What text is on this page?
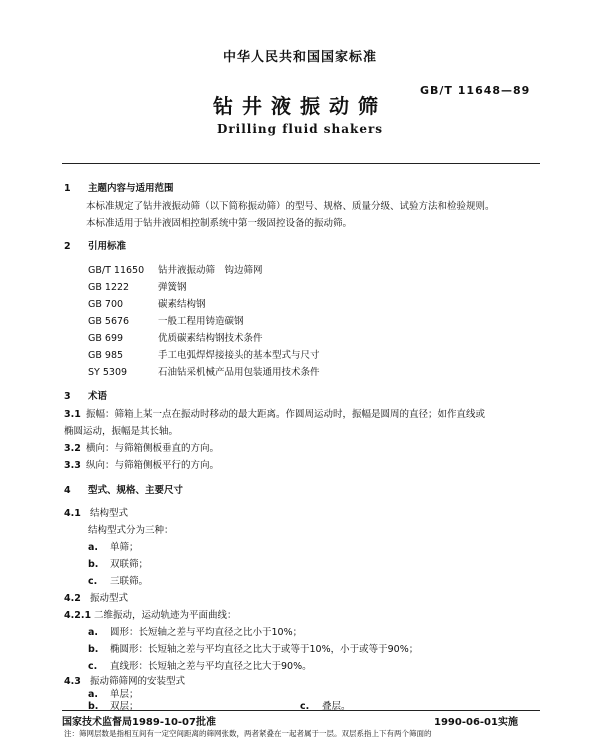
中华人民共和国国家标准
GB/T 11648—89
钻井液振动筛
Drilling fluid shakers
1 主题内容与适用范围
本标准规定了钻井液振动筛（以下简称振动筛）的型号、规格、质量分级、试验方法和检验规则。
本标准适用于钻井液固相控制系统中第一级固控设备的振动筛。
2 引用标准
GB/T 11650 钻井液振动筛　钩边筛网
GB 1222	弹簧钢
GB 700	碳素结构钢
GB 5676	一般工程用铸造碳钢
GB 699	优质碳素结构钢技术条件
GB 985	手工电弧焊焊接接头的基本型式与尺寸
SY 5309	石油钻采机械产品用包装通用技术条件
3 术语
3.1 振幅：筛箱上某一点在振动时移动的最大距离。作圆周运动时，振幅是圆周的直径；如作直线或
椭圆运动，振幅是其长轴。
3.2 横向：与筛箱侧板垂直的方向。
3.3 纵向：与筛箱侧板平行的方向。
4 型式、规格、主要尺寸
4.1 结构型式
结构型式分为三种：
a. 单筛；
b. 双联筛；
c. 三联筛。
4.2 振动型式
4.2.1 二维振动，运动轨迹为平面曲线：
a. 圆形：长短轴之差与平均直径之比小于10%；
b. 椭圆形：长短轴之差与平均直径之比大于或等于10%，小于或等于90%；
c. 直线形：长短轴之差与平均直径之比大于90%。
4.3 振动筛筛网的安装型式
a. 单层；
b. 双层；	c. 叠层。
国家技术监督局1989-10-07批准	1990-06-01实施
注：筛网层数是指相互间有一定空间距离的筛网张数，两者紧叠在一起者属于一层。双层系指上下有两个筛面的
